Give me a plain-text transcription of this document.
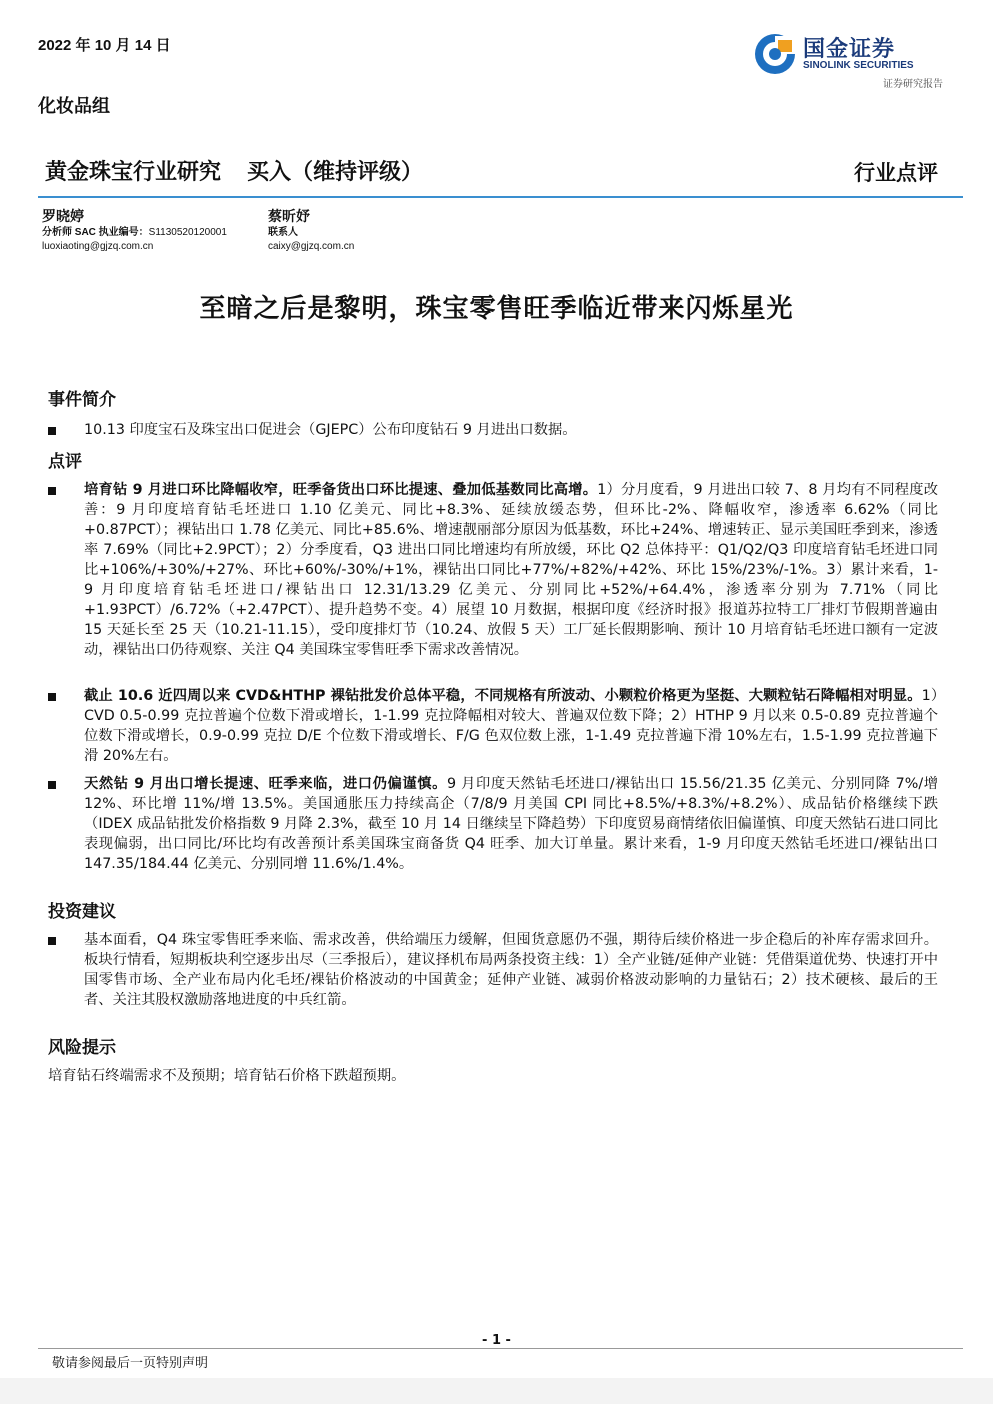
2022 年 10 月 14 日	国金证券
SINOLINK SECURITIES
证券研究报告
化妆品组
黄金珠宝行业研究 买入（维持评级）	行业点评
罗晓婷
分析师 SAC 执业编号：S1130520120001
luoxiaoting@gjzq.com.cn
蔡昕妤
联系人
caixy@gjzq.com.cn
至暗之后是黎明，珠宝零售旺季临近带来闪烁星光
事件简介
10.13 印度宝石及珠宝出口促进会（GJEPC）公布印度钻石 9 月进出口数据。
点评
培育钻 9 月进口环比降幅收窄，旺季备货出口环比提速、叠加低基数同比高增。1）分月度看，9 月进出口较 7、8 月均有不同程度改善：9 月印度培育钻毛坯进口 1.10 亿美元、同比+8.3%、延续放缓态势，但环比-2%、降幅收窄，渗透率 6.62%（同比+0.87PCT）；裸钻出口 1.78 亿美元、同比+85.6%、增速靓丽部分原因为低基数，环比+24%、增速转正、显示美国旺季到来，渗透率 7.69%（同比+2.9PCT）；2）分季度看，Q3 进出口同比增速均有所放缓，环比 Q2 总体持平：Q1/Q2/Q3 印度培育钻毛坯进口同比+106%/+30%/+27%、环比+60%/-30%/+1%，裸钻出口同比+77%/+82%/+42%、环比 15%/23%/-1%。3）累计来看，1-9 月印度培育钻毛坯进口/裸钻出口 12.31/13.29 亿美元、分别同比+52%/+64.4%，渗透率分别为 7.71%（同比+1.93PCT）/6.72%（+2.47PCT）、提升趋势不变。4）展望 10 月数据，根据印度《经济时报》报道苏拉特工厂排灯节假期普遍由 15 天延长至 25 天（10.21-11.15），受印度排灯节（10.24、放假 5 天）工厂延长假期影响、预计 10 月培育钻毛坯进口额有一定波动，裸钻出口仍待观察、关注 Q4 美国珠宝零售旺季下需求改善情况。
截止 10.6 近四周以来 CVD&HTHP 裸钻批发价总体平稳，不同规格有所波动、小颗粒价格更为坚挺、大颗粒钻石降幅相对明显。1）CVD 0.5-0.99 克拉普遍个位数下滑或增长，1-1.99 克拉降幅相对较大、普遍双位数下降；2）HTHP 9 月以来 0.5-0.89 克拉普遍个位数下滑或增长，0.9-0.99 克拉 D/E 个位数下滑或增长、F/G 色双位数上涨，1-1.49 克拉普遍下滑 10%左右，1.5-1.99 克拉普遍下滑 20%左右。
天然钻 9 月出口增长提速、旺季来临，进口仍偏谨慎。9 月印度天然钻毛坯进口/裸钻出口 15.56/21.35 亿美元、分别同降 7%/增 12%、环比增 11%/增 13.5%。美国通胀压力持续高企（7/8/9 月美国 CPI 同比+8.5%/+8.3%/+8.2%）、成品钻价格继续下跌（IDEX 成品钻批发价格指数 9 月降 2.3%，截至 10 月 14 日继续呈下降趋势）下印度贸易商情绪依旧偏谨慎、印度天然钻石进口同比表现偏弱，出口同比/环比均有改善预计系美国珠宝商备货 Q4 旺季、加大订单量。累计来看，1-9 月印度天然钻毛坯进口/裸钻出口 147.35/184.44 亿美元、分别同增 11.6%/1.4%。
投资建议
基本面看，Q4 珠宝零售旺季来临、需求改善，供给端压力缓解，但囤货意愿仍不强，期待后续价格进一步企稳后的补库存需求回升。板块行情看，短期板块利空逐步出尽（三季报后），建议择机布局两条投资主线：1）全产业链/延伸产业链：凭借渠道优势、快速打开中国零售市场、全产业布局内化毛坯/裸钻价格波动的中国黄金；延伸产业链、减弱价格波动影响的力量钻石；2）技术硬核、最后的王者、关注其股权激励落地进度的中兵红箭。
风险提示
培育钻石终端需求不及预期；培育钻石价格下跌超预期。
- 1 -
敬请参阅最后一页特别声明
